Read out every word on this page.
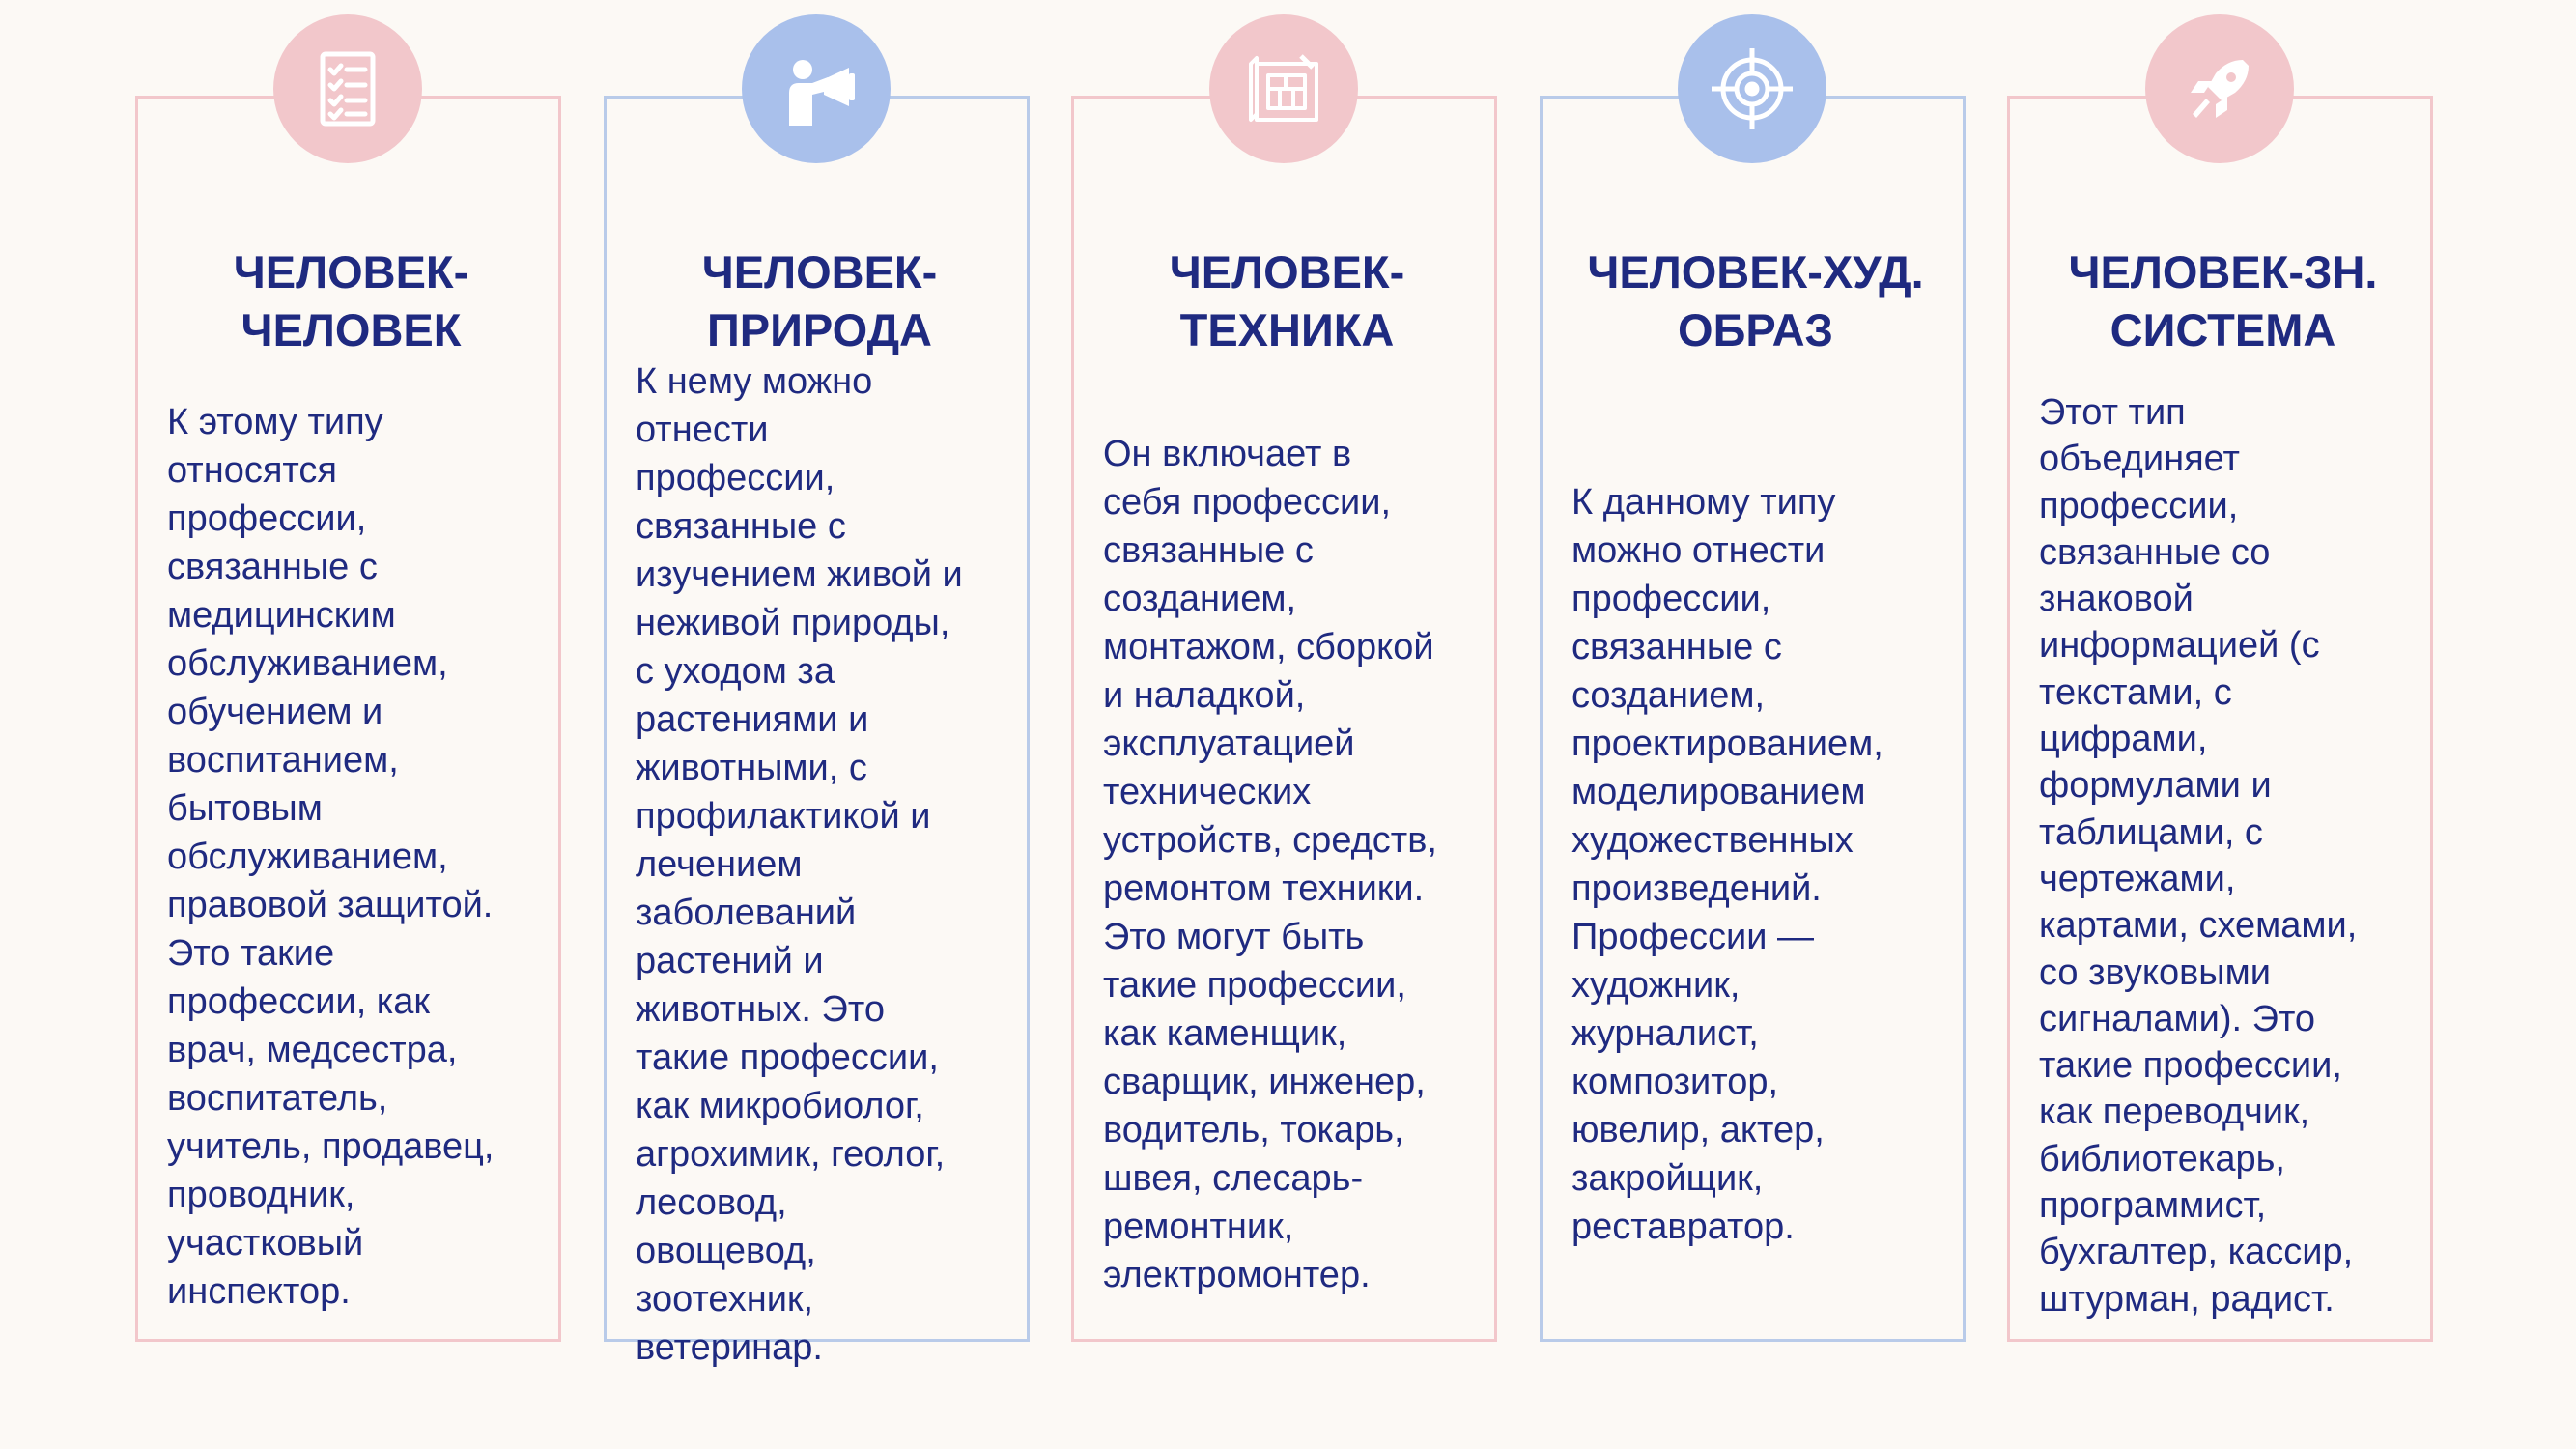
ЧЕЛОВЕК-
ЧЕЛОВЕК

К этому типу
относятся
профессии,
связанные с
медицинским
обслуживанием,
обучением и
воспитанием,
бытовым
обслуживанием,
правовой защитой.
Это такие
профессии, как
врач, медсестра,
воспитатель,
учитель, продавец,
проводник,
участковый
инспектор.

ЧЕЛОВЕК-
ПРИРОДА

К нему можно
отнести
профессии,
связанные с
изучением живой и
неживой природы,
с уходом за
растениями и
животными, с
профилактикой и
лечением
заболеваний
растений и
животных. Это
такие профессии,
как микробиолог,
агрохимик, геолог,
лесовод,
овощевод,
зоотехник,
ветеринар.

ЧЕЛОВЕК-
ТЕХНИКА

Он включает в
себя профессии,
связанные с
созданием,
монтажом, сборкой
и наладкой,
эксплуатацией
технических
устройств, средств,
ремонтом техники.
Это могут быть
такие профессии,
как каменщик,
сварщик, инженер,
водитель, токарь,
швея, слесарь-
ремонтник,
электромонтер.

ЧЕЛОВЕК-ХУД.
ОБРАЗ

К данному типу
можно отнести
профессии,
связанные с
созданием,
проектированием,
моделированием
художественных
произведений.
Профессии —
художник,
журналист,
композитор,
ювелир, актер,
закройщик,
реставратор.

ЧЕЛОВЕК-ЗН.
СИСТЕМА

Этот тип
объединяет
профессии,
связанные со
знаковой
информацией (с
текстами, с
цифрами,
формулами и
таблицами, с
чертежами,
картами, схемами,
со звуковыми
сигналами). Это
такие профессии,
как переводчик,
библиотекарь,
программист,
бухгалтер, кассир,
штурман, радист.
